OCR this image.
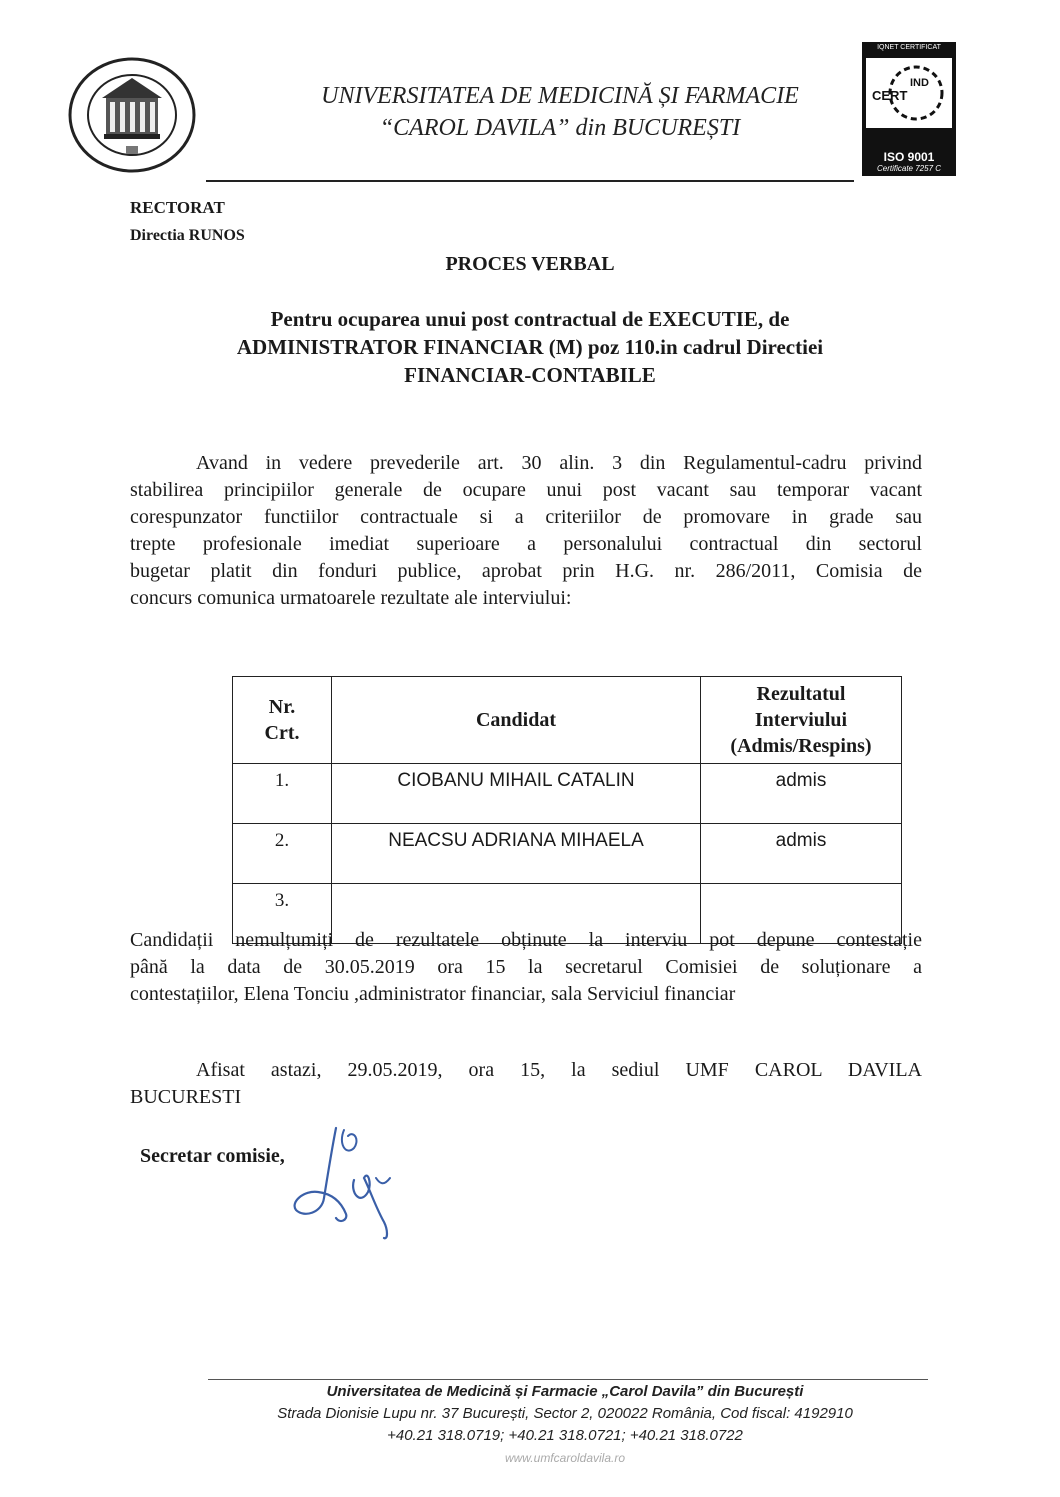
UNIVERSITATEA DE MEDICINĂ ȘI FARMACIE
“CAROL DAVILA” din BUCUREȘTI
IQNET CERTIFICAT
CERT
IND
ISO 9001
Certificate 7257 C
RECTORAT
Directia RUNOS
PROCES VERBAL
Pentru ocuparea unui post contractual de EXECUTIE, de
ADMINISTRATOR FINANCIAR (M) poz 110.in cadrul Directiei
FINANCIAR-CONTABILE
Avand in vedere prevederile art. 30 alin. 3 din Regulamentul-cadru privind
stabilirea principiilor generale de ocupare unui post vacant sau temporar vacant
corespunzator functiilor contractuale si a criteriilor de promovare in grade sau
trepte profesionale imediat superioare a personalului contractual din sectorul
bugetar platit din fonduri publice, aprobat prin H.G. nr. 286/2011, Comisia de
concurs comunica urmatoarele rezultate ale interviului:
Nr.
Crt.	Candidat	Rezultatul
Interviului
(Admis/Respins)
1.	CIOBANU MIHAIL CATALIN	admis
2.	NEACSU ADRIANA MIHAELA	admis
3.		
Candidații nemulțumiți de rezultatele obținute la interviu pot depune contestație
până la data de 30.05.2019 ora 15 la secretarul Comisiei de soluționare a
contestațiilor, Elena Tonciu ,administrator financiar, sala Serviciul financiar
Afisat astazi, 29.05.2019, ora 15, la sediul UMF CAROL DAVILA
BUCURESTI
Secretar comisie,
Universitatea de Medicină și Farmacie „Carol Davila” din București
Strada Dionisie Lupu nr. 37 București, Sector 2, 020022 România, Cod fiscal: 4192910
+40.21 318.0719; +40.21 318.0721; +40.21 318.0722
www.umfcaroldavila.ro
